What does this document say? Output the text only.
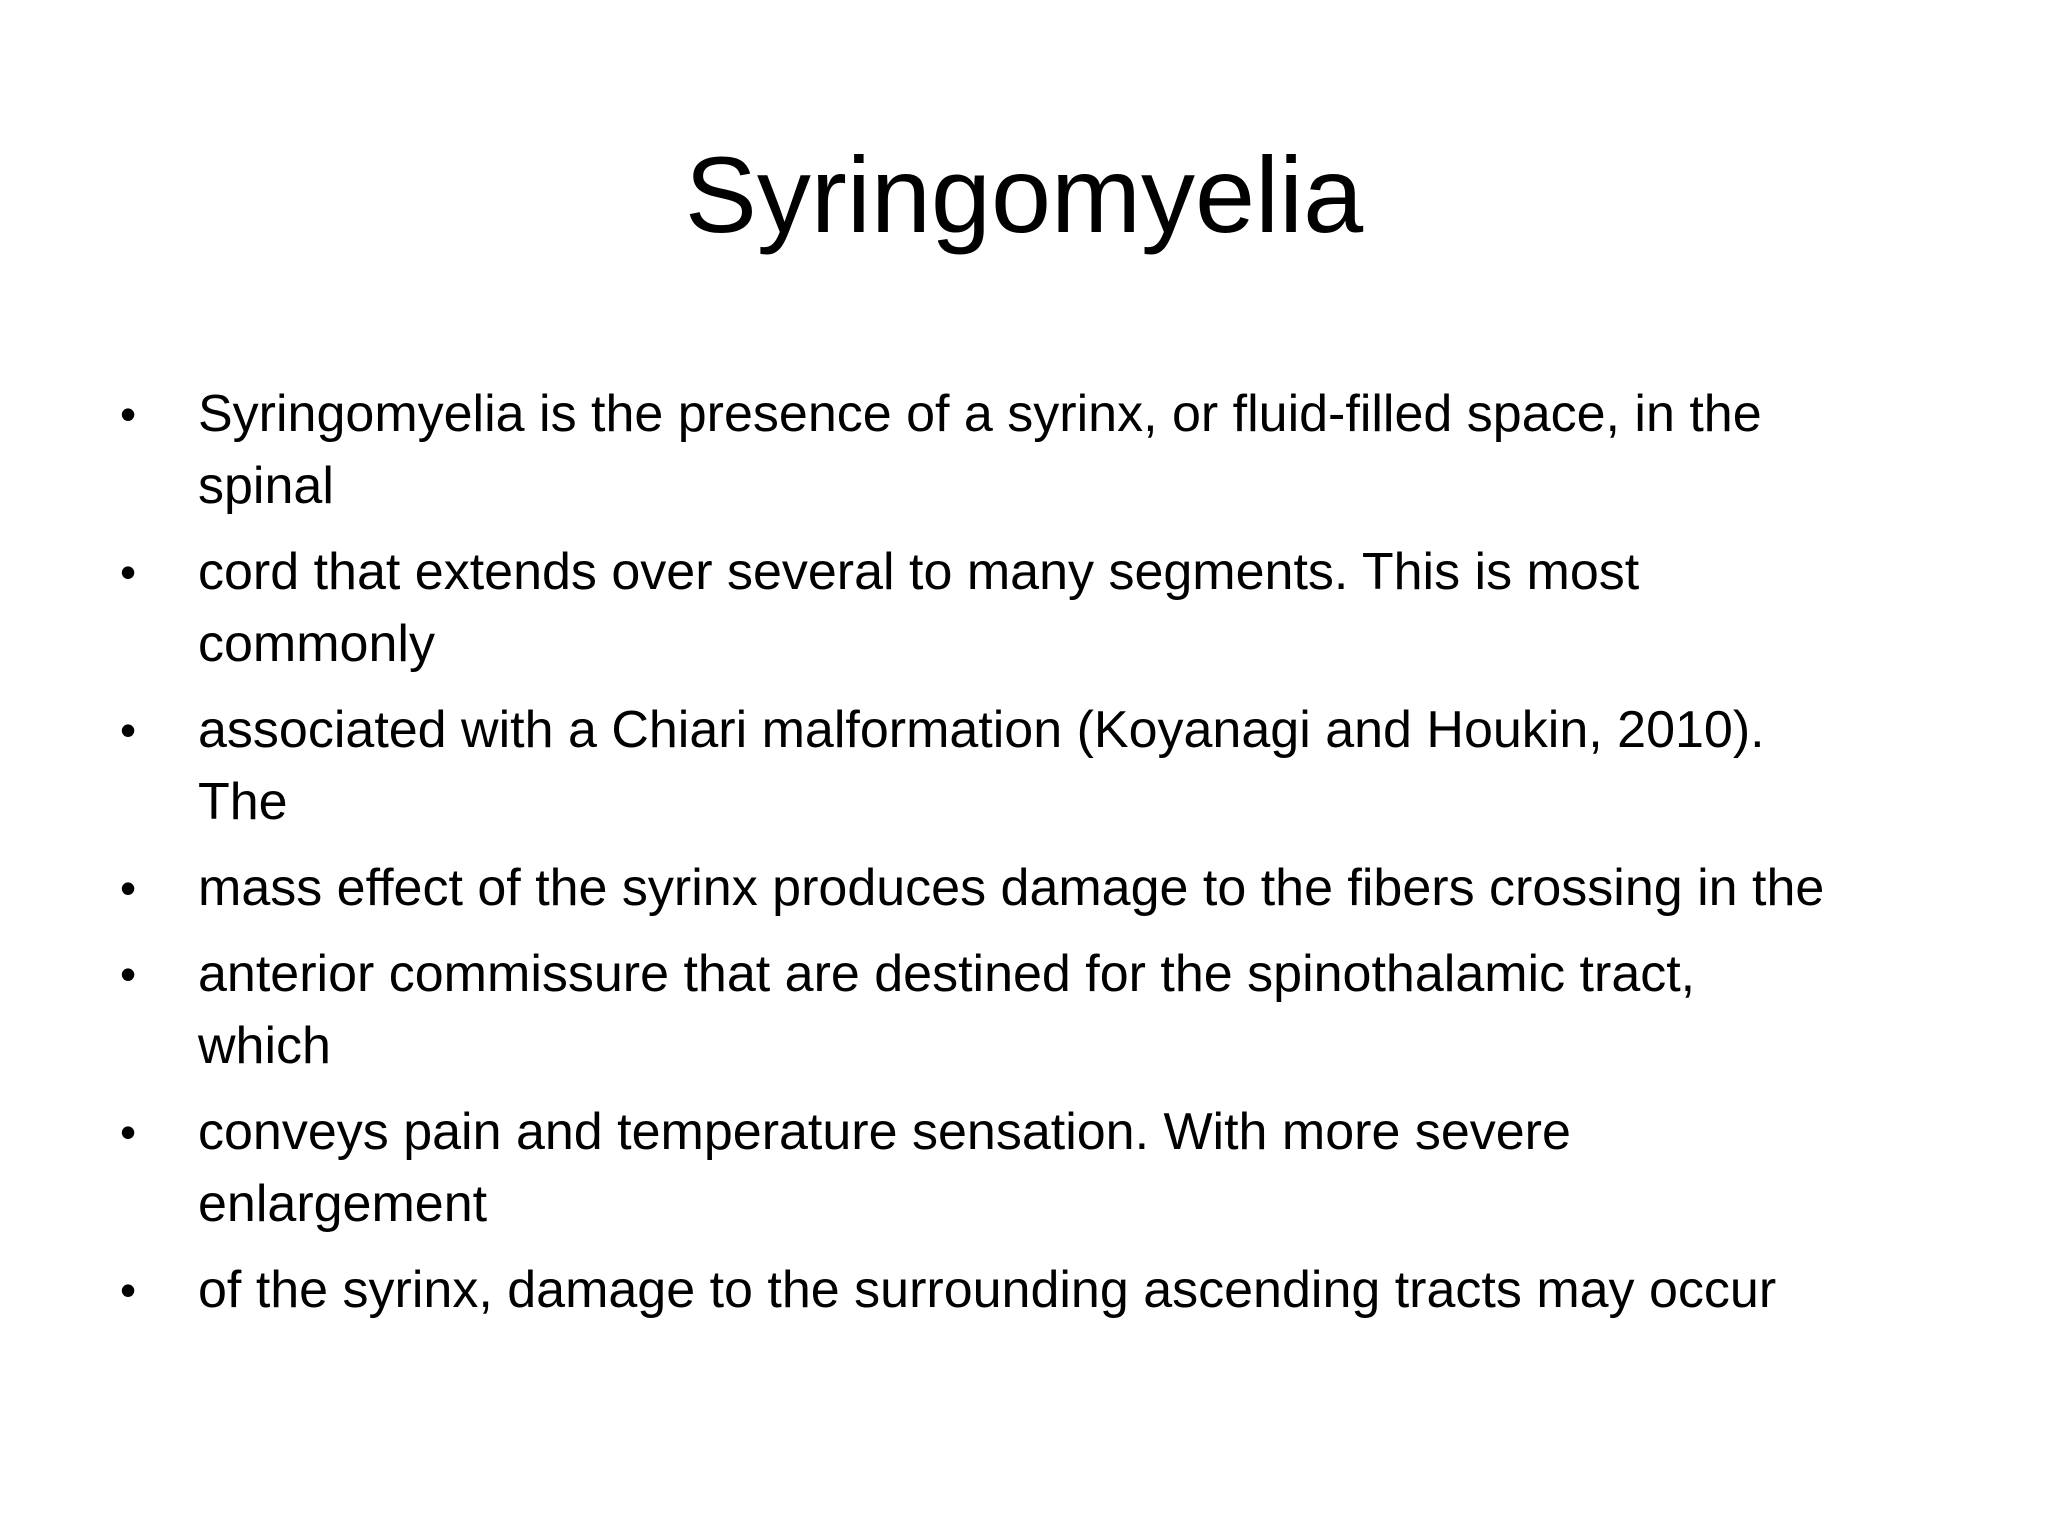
Syringomyelia
•	Syringomyelia is the presence of a syrinx, or fluid-filled space, in the
spinal
•	cord that extends over several to many segments. This is most
commonly
•	associated with a Chiari malformation (Koyanagi and Houkin, 2010).
The
•	mass effect of the syrinx produces damage to the fibers crossing in the
•	anterior commissure that are destined for the spinothalamic tract,
which
•	conveys pain and temperature sensation. With more severe
enlargement
•	of the syrinx, damage to the surrounding ascending tracts may occur
